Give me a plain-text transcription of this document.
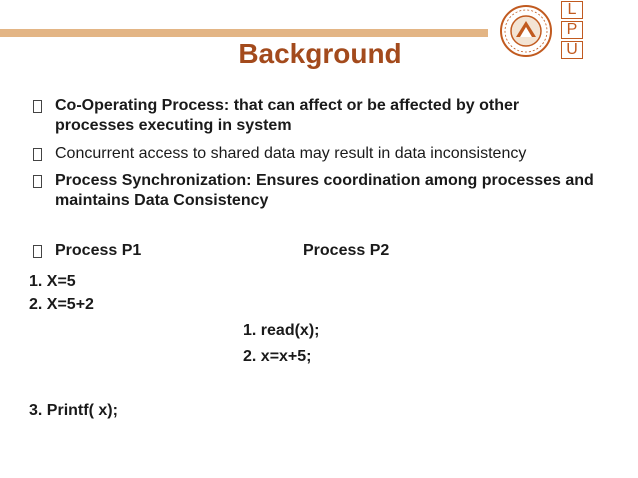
L
P
U
Background
Co-Operating Process: that can affect or be affected by other processes executing in system
Concurrent access to shared data may result in data inconsistency
Process Synchronization: Ensures coordination among processes and maintains Data Consistency
Process P1	Process P2
1. X=5
2. X=5+2
1. read(x);
2. x=x+5;
3. Printf( x);
